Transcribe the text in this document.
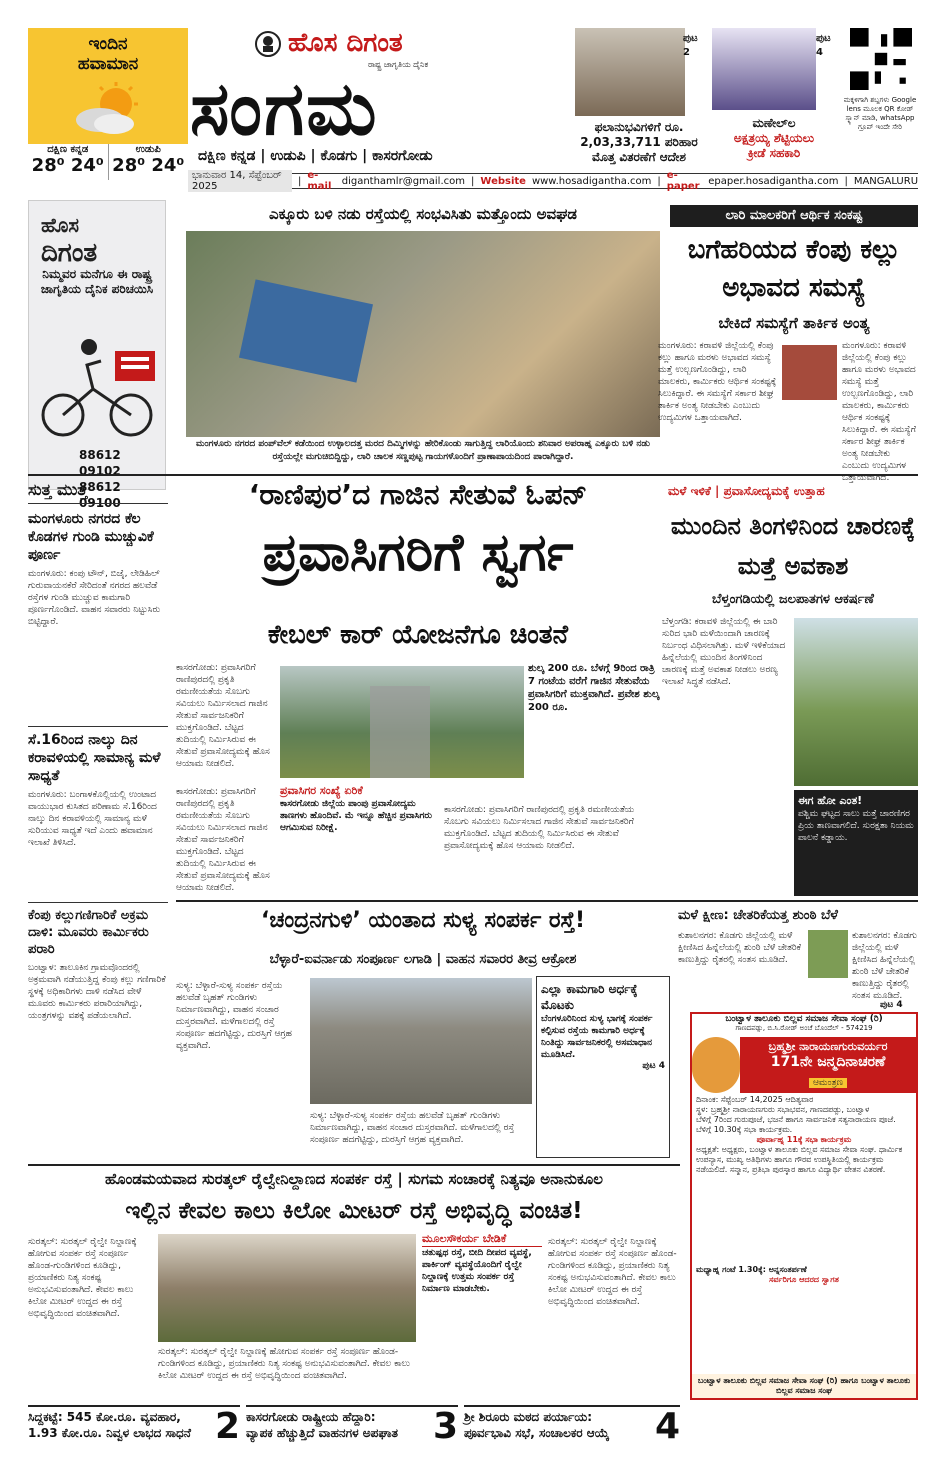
ಇಂದಿನ
ಹವಾಮಾನ
ದಕ್ಷಿಣ ಕನ್ನಡ
28⁰ 24⁰
ಉಡುಪಿ
28⁰ 24⁰
ಹೊಸ ದಿಗಂತ
ರಾಷ್ಟ್ರ ಜಾಗೃತಿಯ ದೈನಿಕ
ಸಂಗಮ
ದಕ್ಷಿಣ ಕನ್ನಡ | ಉಡುಪಿ | ಕೊಡಗು | ಕಾಸರಗೋಡು
ಪುಟ 2
ಫಲಾನುಭವಿಗಳಿಗೆ ರೂ.
2,03,33,711 ಪರಿಹಾರ
ಮೊತ್ತ ವಿತರಣೆಗೆ ಆದೇಶ
ಪುಟ 4
ಮಣೇಲ್‌ಲ
ಅಕ್ಷತ್ರಯ್ಯ ಶೆಟ್ಟಿಯಲು
ಕ್ರೀಡೆ ಸಹಕಾರಿ
ಮಕ್ಕಳಿಗಾಗಿ ಶಬ್ದಗಳು Google lens ಮೂಲಕ QR ಕೋಡ್ ಸ್ಕ್ಯಾನ್ ಮಾಡಿ, whatsApp ಗ್ರೂಪ್ ಇಂದೇ ಸೇರಿ
ಭಾನುವಾರ 14, ಸೆಪ್ಟೆಂಬರ್ 2025	| e-mail	diganthamlr@gmail.com | Website www.hosadigantha.com | e-paper epaper.hosadigantha.com | MANGALURU
ಹೊಸ
ದಿಗಂತ
ನಿಮ್ಮವರ ಮನೆಗೂ ಈ ರಾಷ್ಟ್ರ ಜಾಗೃತಿಯ ದೈನಿಕ ಪರಿಚಯಿಸಿ
88612 09102
88612 09100
ಎಕ್ಕೂರು ಬಳಿ ನಡು ರಸ್ತೆಯಲ್ಲಿ ಸಂಭವಿಸಿತು ಮತ್ತೊಂದು ಅವಘಡ
ಮಂಗಳೂರು ನಗರದ ಪಂಪ್‌ವೆಲ್ ಕಡೆಯಿಂದ ಉಳ್ಳಾಲದತ್ತ ಮರದ ದಿಮ್ಮಿಗಳನ್ನು ಹೇರಿಕೊಂಡು ಸಾಗುತ್ತಿದ್ದ ಲಾರಿಯೊಂದು ಶನಿವಾರ ಅಪರಾಹ್ನ ಎಕ್ಕೂರು ಬಳಿ ನಡು ರಸ್ತೆಯಲ್ಲೇ ಮಗುಚಿಬಿದ್ದಿದ್ದು, ಲಾರಿ ಚಾಲಕ ಸಣ್ಣಪುಟ್ಟ ಗಾಯಗಳೊಂದಿಗೆ ಪ್ರಾಣಾಪಾಯದಿಂದ ಪಾರಾಗಿದ್ದಾರೆ.
ಲಾರಿ ಮಾಲಕರಿಗೆ ಆರ್ಥಿಕ ಸಂಕಷ್ಟ
ಬಗೆಹರಿಯದ ಕೆಂಪು ಕಲ್ಲು ಅಭಾವದ ಸಮಸ್ಯೆ
ಬೇಕಿದೆ ಸಮಸ್ಯೆಗೆ ತಾರ್ಕಿಕ ಅಂತ್ಯ
ಮಂಗಳೂರು: ಕರಾವಳಿ ಜಿಲ್ಲೆಯಲ್ಲಿ ಕೆಂಪು ಕಲ್ಲು ಹಾಗೂ ಮರಳು ಅಭಾವದ ಸಮಸ್ಯೆ ಮತ್ತೆ ಉಲ್ಬಣಗೊಂಡಿದ್ದು, ಲಾರಿ ಮಾಲಕರು, ಕಾರ್ಮಿಕರು ಆರ್ಥಿಕ ಸಂಕಷ್ಟಕ್ಕೆ ಸಿಲುಕಿದ್ದಾರೆ. ಈ ಸಮಸ್ಯೆಗೆ ಸರ್ಕಾರ ಶೀಘ್ರ ತಾರ್ಕಿಕ ಅಂತ್ಯ ನೀಡಬೇಕು ಎಂಬುದು ಉದ್ಯಮಿಗಳ ಒತ್ತಾಯವಾಗಿದೆ.
ಮಂಗಳೂರು: ಕರಾವಳಿ ಜಿಲ್ಲೆಯಲ್ಲಿ ಕೆಂಪು ಕಲ್ಲು ಹಾಗೂ ಮರಳು ಅಭಾವದ ಸಮಸ್ಯೆ ಮತ್ತೆ ಉಲ್ಬಣಗೊಂಡಿದ್ದು, ಲಾರಿ ಮಾಲಕರು, ಕಾರ್ಮಿಕರು ಆರ್ಥಿಕ ಸಂಕಷ್ಟಕ್ಕೆ ಸಿಲುಕಿದ್ದಾರೆ. ಈ ಸಮಸ್ಯೆಗೆ ಸರ್ಕಾರ ಶೀಘ್ರ ತಾರ್ಕಿಕ ಅಂತ್ಯ ನೀಡಬೇಕು ಎಂಬುದು ಉದ್ಯಮಿಗಳ ಒತ್ತಾಯವಾಗಿದೆ.
ಸುತ್ತ ಮುತ್ತ
ಮಂಗಳೂರು ನಗರದ ಕೆಲ ಕೊಡಗಳ ಗುಂಡಿ ಮುಚ್ಚುವಿಕೆ ಪೂರ್ಣ
ಮಂಗಳೂರು: ಕಂಪು ಟೌನ್, ಬಿಜೈ, ಲೇಡಿಹಿಲ್ ಗುರುವಾಯನಕೆರೆ ಸೇರಿದಂತೆ ನಗರದ ಹಲವೆಡೆ ರಸ್ತೆಗಳ ಗುಂಡಿ ಮುಚ್ಚುವ ಕಾಮಗಾರಿ ಪೂರ್ಣಗೊಂಡಿದೆ. ವಾಹನ ಸವಾರರು ನಿಟ್ಟುಸಿರು ಬಿಟ್ಟಿದ್ದಾರೆ.
ಸೆ.16ರಿಂದ ನಾಲ್ಕು ದಿನ ಕರಾವಳಿಯಲ್ಲಿ ಸಾಮಾನ್ಯ ಮಳೆ ಸಾಧ್ಯತೆ
ಮಂಗಳೂರು: ಬಂಗಾಳಕೊಲ್ಲಿಯಲ್ಲಿ ಉಂಟಾದ ವಾಯುಭಾರ ಕುಸಿತದ ಪರಿಣಾಮ ಸೆ.16ರಿಂದ ನಾಲ್ಕು ದಿನ ಕರಾವಳಿಯಲ್ಲಿ ಸಾಮಾನ್ಯ ಮಳೆ ಸುರಿಯುವ ಸಾಧ್ಯತೆ ಇದೆ ಎಂದು ಹವಾಮಾನ ಇಲಾಖೆ ತಿಳಿಸಿದೆ.
ಕೆಂಪು ಕಲ್ಲುಗಣಿಗಾರಿಕೆ ಅಕ್ರಮ ದಾಳಿ: ಮೂವರು ಕಾರ್ಮಿಕರು ಪರಾರಿ
ಬಂಟ್ವಾಳ: ತಾಲೂಕಿನ ಗ್ರಾಮವೊಂದರಲ್ಲಿ ಅಕ್ರಮವಾಗಿ ನಡೆಯುತ್ತಿದ್ದ ಕೆಂಪು ಕಲ್ಲು ಗಣಿಗಾರಿಕೆ ಸ್ಥಳಕ್ಕೆ ಅಧಿಕಾರಿಗಳು ದಾಳಿ ನಡೆಸಿದ ವೇಳೆ ಮೂವರು ಕಾರ್ಮಿಕರು ಪರಾರಿಯಾಗಿದ್ದು, ಯಂತ್ರಗಳನ್ನು ವಶಕ್ಕೆ ಪಡೆಯಲಾಗಿದೆ.
‘ರಾಣಿಪುರ’ದ ಗಾಜಿನ ಸೇತುವೆ ಓಪನ್
ಪ್ರವಾಸಿಗರಿಗೆ ಸ್ವರ್ಗ
ಕೇಬಲ್ ಕಾರ್ ಯೋಜನೆಗೂ ಚಿಂತನೆ
ಕಾಸರಗೋಡು: ಪ್ರವಾಸಿಗರಿಗೆ ರಾಣಿಪುರದಲ್ಲಿ ಪ್ರಕೃತಿ ರಮಣೀಯತೆಯ ಸೊಬಗು ಸವಿಯಲು ನಿರ್ಮಿಸಲಾದ ಗಾಜಿನ ಸೇತುವೆ ಸಾರ್ವಜನಿಕರಿಗೆ ಮುಕ್ತಗೊಂಡಿದೆ. ಬೆಟ್ಟದ ತುದಿಯಲ್ಲಿ ನಿರ್ಮಿಸಿರುವ ಈ ಸೇತುವೆ ಪ್ರವಾಸೋದ್ಯಮಕ್ಕೆ ಹೊಸ ಆಯಾಮ ನೀಡಲಿದೆ.
ಶುಲ್ಕ 200 ರೂ. ಬೆಳಗ್ಗೆ 9ರಿಂದ ರಾತ್ರಿ 7 ಗಂಟೆಯ ವರೆಗೆ ಗಾಜಿನ ಸೇತುವೆಯ ಪ್ರವಾಸಿಗರಿಗೆ ಮುಕ್ತವಾಗಿದೆ. ಪ್ರವೇಶ ಶುಲ್ಕ 200 ರೂ.
ಕಾಸರಗೋಡು: ಪ್ರವಾಸಿಗರಿಗೆ ರಾಣಿಪುರದಲ್ಲಿ ಪ್ರಕೃತಿ ರಮಣೀಯತೆಯ ಸೊಬಗು ಸವಿಯಲು ನಿರ್ಮಿಸಲಾದ ಗಾಜಿನ ಸೇತುವೆ ಸಾರ್ವಜನಿಕರಿಗೆ ಮುಕ್ತಗೊಂಡಿದೆ. ಬೆಟ್ಟದ ತುದಿಯಲ್ಲಿ ನಿರ್ಮಿಸಿರುವ ಈ ಸೇತುವೆ ಪ್ರವಾಸೋದ್ಯಮಕ್ಕೆ ಹೊಸ ಆಯಾಮ ನೀಡಲಿದೆ.
ಪ್ರವಾಸಿಗರ ಸಂಖ್ಯೆ ಏರಿಕೆ
ಕಾಸರಗೋಡು ಜಿಲ್ಲೆಯ ಪಾಂಪು ಪ್ರವಾಸೋದ್ಯಮ ತಾಣಗಳು ಹೊಂದಿವೆ. ಮೆ ಇನ್ನೂ ಹೆಚ್ಚಿನ ಪ್ರವಾಸಿಗರು ಆಗಮಿಸುವ ನಿರೀಕ್ಷೆ.
ಕಾಸರಗೋಡು: ಪ್ರವಾಸಿಗರಿಗೆ ರಾಣಿಪುರದಲ್ಲಿ ಪ್ರಕೃತಿ ರಮಣೀಯತೆಯ ಸೊಬಗು ಸವಿಯಲು ನಿರ್ಮಿಸಲಾದ ಗಾಜಿನ ಸೇತುವೆ ಸಾರ್ವಜನಿಕರಿಗೆ ಮುಕ್ತಗೊಂಡಿದೆ. ಬೆಟ್ಟದ ತುದಿಯಲ್ಲಿ ನಿರ್ಮಿಸಿರುವ ಈ ಸೇತುವೆ ಪ್ರವಾಸೋದ್ಯಮಕ್ಕೆ ಹೊಸ ಆಯಾಮ ನೀಡಲಿದೆ.
ಮಳೆ ಇಳಿಕೆ | ಪ್ರವಾಸೋದ್ಯಮಕ್ಕೆ ಉತ್ತಾಹ
ಮುಂದಿನ ತಿಂಗಳಿನಿಂದ ಚಾರಣಕ್ಕೆ ಮತ್ತೆ ಅವಕಾಶ
ಬೆಳ್ತಂಗಡಿಯಲ್ಲಿ ಜಲಪಾತಗಳ ಆಕರ್ಷಣೆ
ಬೆಳ್ತಂಗಡಿ: ಕರಾವಳಿ ಜಿಲ್ಲೆಯಲ್ಲಿ ಈ ಬಾರಿ ಸುರಿದ ಭಾರಿ ಮಳೆಯಿಂದಾಗಿ ಚಾರಣಕ್ಕೆ ನಿರ್ಬಂಧ ವಿಧಿಸಲಾಗಿತ್ತು. ಮಳೆ ಇಳಿಕೆಯಾದ ಹಿನ್ನೆಲೆಯಲ್ಲಿ ಮುಂದಿನ ತಿಂಗಳಿನಿಂದ ಚಾರಣಕ್ಕೆ ಮತ್ತೆ ಅವಕಾಶ ನೀಡಲು ಅರಣ್ಯ ಇಲಾಖೆ ಸಿದ್ಧತೆ ನಡೆಸಿದೆ.
ಈಗ ಹೋ ಎಂತ!
ಪಶ್ಚಿಮ ಘಟ್ಟದ ಸಾಲು ಮತ್ತೆ ಚಾರಣಿಗರ ಪ್ರಿಯ ತಾಣವಾಗಲಿದೆ. ಸುರಕ್ಷತಾ ನಿಯಮ ಪಾಲನೆ ಕಡ್ಡಾಯ.
‘ಚಂದ್ರನಗುಳಿ’ ಯಂತಾದ ಸುಳ್ಯ ಸಂಪರ್ಕ ರಸ್ತೆ!
ಬೆಳ್ಳಾರೆ-ಐವರ್ನಾಡು ಸಂಪೂರ್ಣ ಲಗಾಡಿ | ವಾಹನ ಸವಾರರ ತೀವ್ರ ಆಕ್ರೋಶ
ಸುಳ್ಯ: ಬೆಳ್ಳಾರೆ-ಸುಳ್ಯ ಸಂಪರ್ಕ ರಸ್ತೆಯ ಹಲವೆಡೆ ಬೃಹತ್ ಗುಂಡಿಗಳು ನಿರ್ಮಾಣವಾಗಿದ್ದು, ವಾಹನ ಸಂಚಾರ ದುಸ್ತರವಾಗಿದೆ. ಮಳೆಗಾಲದಲ್ಲಿ ರಸ್ತೆ ಸಂಪೂರ್ಣ ಹದಗೆಟ್ಟಿದ್ದು, ದುರಸ್ತಿಗೆ ಆಗ್ರಹ ವ್ಯಕ್ತವಾಗಿದೆ.
ಸುಳ್ಯ: ಬೆಳ್ಳಾರೆ-ಸುಳ್ಯ ಸಂಪರ್ಕ ರಸ್ತೆಯ ಹಲವೆಡೆ ಬೃಹತ್ ಗುಂಡಿಗಳು ನಿರ್ಮಾಣವಾಗಿದ್ದು, ವಾಹನ ಸಂಚಾರ ದುಸ್ತರವಾಗಿದೆ. ಮಳೆಗಾಲದಲ್ಲಿ ರಸ್ತೆ ಸಂಪೂರ್ಣ ಹದಗೆಟ್ಟಿದ್ದು, ದುರಸ್ತಿಗೆ ಆಗ್ರಹ ವ್ಯಕ್ತವಾಗಿದೆ.
ಎಲ್ಲಾ ಕಾಮಗಾರಿ ಅರ್ಧಕ್ಕೆ ಮೊಟಕು
ಬೆಂಗಳೂರಿನಿಂದ ಸುಳ್ಯ ಭಾಗಕ್ಕೆ ಸಂಪರ್ಕ ಕಲ್ಪಿಸುವ ರಸ್ತೆಯ ಕಾಮಗಾರಿ ಅರ್ಧಕ್ಕೆ ನಿಂತಿದ್ದು ಸಾರ್ವಜನಿಕರಲ್ಲಿ ಅಸಮಾಧಾನ ಮೂಡಿಸಿದೆ.
ಪುಟ 4
ಮಳೆ ಕ್ಷೀಣ: ಚೇತರಿಕೆಯತ್ತ ಶುಂಠಿ ಬೆಳೆ
ಕುಶಾಲನಗರ: ಕೊಡಗು ಜಿಲ್ಲೆಯಲ್ಲಿ ಮಳೆ ಕ್ಷೀಣಿಸಿದ ಹಿನ್ನೆಲೆಯಲ್ಲಿ ಶುಂಠಿ ಬೆಳೆ ಚೇತರಿಕೆ ಕಾಣುತ್ತಿದ್ದು ರೈತರಲ್ಲಿ ಸಂತಸ ಮೂಡಿದೆ.
ಕುಶಾಲನಗರ: ಕೊಡಗು ಜಿಲ್ಲೆಯಲ್ಲಿ ಮಳೆ ಕ್ಷೀಣಿಸಿದ ಹಿನ್ನೆಲೆಯಲ್ಲಿ ಶುಂಠಿ ಬೆಳೆ ಚೇತರಿಕೆ ಕಾಣುತ್ತಿದ್ದು ರೈತರಲ್ಲಿ ಸಂತಸ ಮೂಡಿದೆ.
ಪುಟ 4
ಬಂಟ್ವಾಳ ತಾಲೂಕು ಬಿಲ್ಲವ ಸಮಾಜ ಸೇವಾ ಸಂಘ (ರಿ)
ಗಾಣದಪಡ್ಪು, ಬಿ.ಸಿ.ರೋಡ್ ಅಂಚೆ ಬೊಂದೆಲ್ - 574219
ಬ್ರಹ್ಮಶ್ರೀ ನಾರಾಯಣಗುರುವರ್ಯರ
171ನೇ ಜನ್ಮದಿನಾಚರಣೆ
ಆಮಂತ್ರಣ
ದಿನಾಂಕ: ಸೆಪ್ಟೆಂಬರ್ 14,2025 ಆದಿತ್ಯವಾರ
ಸ್ಥಳ: ಬ್ರಹ್ಮಶ್ರೀ ನಾರಾಯಣಗುರು ಸಭಾಭವನ, ಗಾಣದಪಡ್ಪು, ಬಂಟ್ವಾಳ
ಬೆಳಿಗ್ಗೆ 7ರಿಂದ ಗುರುಪೂಜೆ, ಭಜನೆ ಹಾಗೂ ಸಾರ್ವಜನಿಕ ಸತ್ಯನಾರಾಯಣ ಪೂಜೆ. ಬೆಳಿಗ್ಗೆ 10.30ಕ್ಕೆ ಸಭಾ ಕಾರ್ಯಕ್ರಮ.
ಪೂರ್ವಾಹ್ನ 11ಕ್ಕೆ ಸಭಾ ಕಾರ್ಯಕ್ರಮ
ಅಧ್ಯಕ್ಷತೆ: ಅಧ್ಯಕ್ಷರು, ಬಂಟ್ವಾಳ ತಾಲೂಕು ಬಿಲ್ಲವ ಸಮಾಜ ಸೇವಾ ಸಂಘ. ಧಾರ್ಮಿಕ ಉಪನ್ಯಾಸ, ಮುಖ್ಯ ಅತಿಥಿಗಳು ಹಾಗೂ ಗೌರವ ಉಪಸ್ಥಿತಿಯಲ್ಲಿ ಕಾರ್ಯಕ್ರಮ ನಡೆಯಲಿದೆ. ಸನ್ಮಾನ, ಪ್ರತಿಭಾ ಪುರಸ್ಕಾರ ಹಾಗೂ ವಿದ್ಯಾರ್ಥಿ ವೇತನ ವಿತರಣೆ.
ಮಧ್ಯಾಹ್ನ ಗಂಟೆ 1.30ಕ್ಕೆ: ಅನ್ನಸಂತರ್ಪಣೆ
ಸರ್ವರಿಗೂ ಆದರದ ಸ್ವಾಗತ
ಬಂಟ್ವಾಳ ತಾಲೂಕು ಬಿಲ್ಲವ ಸಮಾಜ ಸೇವಾ ಸಂಘ (ರಿ) ಹಾಗೂ ಬಂಟ್ವಾಳ ತಾಲೂಕು ಬಿಲ್ಲವ ಸಮಾಜ ಸಂಘ
ಹೊಂಡಮಯವಾದ ಸುರತ್ಕಲ್ ರೈಲ್ವೇನಿಲ್ದಾಣದ ಸಂಪರ್ಕ ರಸ್ತೆ | ಸುಗಮ ಸಂಚಾರಕ್ಕೆ ನಿತ್ಯವೂ ಅನಾನುಕೂಲ
ಇಲ್ಲಿನ ಕೇವಲ ಕಾಲು ಕಿಲೋ ಮೀಟರ್ ರಸ್ತೆ ಅಭಿವೃದ್ಧಿ ವಂಚಿತ!
ಸುರತ್ಕಲ್: ಸುರತ್ಕಲ್ ರೈಲ್ವೇ ನಿಲ್ದಾಣಕ್ಕೆ ಹೋಗುವ ಸಂಪರ್ಕ ರಸ್ತೆ ಸಂಪೂರ್ಣ ಹೊಂಡ-ಗುಂಡಿಗಳಿಂದ ಕೂಡಿದ್ದು, ಪ್ರಯಾಣಿಕರು ನಿತ್ಯ ಸಂಕಷ್ಟ ಅನುಭವಿಸುವಂತಾಗಿದೆ. ಕೇವಲ ಕಾಲು ಕಿಲೋ ಮೀಟರ್ ಉದ್ದದ ಈ ರಸ್ತೆ ಅಭಿವೃದ್ಧಿಯಿಂದ ವಂಚಿತವಾಗಿದೆ.
ಸುರತ್ಕಲ್: ಸುರತ್ಕಲ್ ರೈಲ್ವೇ ನಿಲ್ದಾಣಕ್ಕೆ ಹೋಗುವ ಸಂಪರ್ಕ ರಸ್ತೆ ಸಂಪೂರ್ಣ ಹೊಂಡ-ಗುಂಡಿಗಳಿಂದ ಕೂಡಿದ್ದು, ಪ್ರಯಾಣಿಕರು ನಿತ್ಯ ಸಂಕಷ್ಟ ಅನುಭವಿಸುವಂತಾಗಿದೆ. ಕೇವಲ ಕಾಲು ಕಿಲೋ ಮೀಟರ್ ಉದ್ದದ ಈ ರಸ್ತೆ ಅಭಿವೃದ್ಧಿಯಿಂದ ವಂಚಿತವಾಗಿದೆ.
ಮೂಲಸೌಕರ್ಯ ಬೇಡಿಕೆ
ಚತುಷ್ಪಥ ರಸ್ತೆ, ಬೀದಿ ದೀಪದ ವ್ಯವಸ್ಥೆ, ಪಾರ್ಕಿಂಗ್ ವ್ಯವಸ್ಥೆಯೊಂದಿಗೆ ರೈಲ್ವೇ ನಿಲ್ದಾಣಕ್ಕೆ ಉತ್ತಮ ಸಂಪರ್ಕ ರಸ್ತೆ ನಿರ್ಮಾಣ ಮಾಡಬೇಕು.
ಸುರತ್ಕಲ್: ಸುರತ್ಕಲ್ ರೈಲ್ವೇ ನಿಲ್ದಾಣಕ್ಕೆ ಹೋಗುವ ಸಂಪರ್ಕ ರಸ್ತೆ ಸಂಪೂರ್ಣ ಹೊಂಡ-ಗುಂಡಿಗಳಿಂದ ಕೂಡಿದ್ದು, ಪ್ರಯಾಣಿಕರು ನಿತ್ಯ ಸಂಕಷ್ಟ ಅನುಭವಿಸುವಂತಾಗಿದೆ. ಕೇವಲ ಕಾಲು ಕಿಲೋ ಮೀಟರ್ ಉದ್ದದ ಈ ರಸ್ತೆ ಅಭಿವೃದ್ಧಿಯಿಂದ ವಂಚಿತವಾಗಿದೆ.
ಸಿದ್ದಕಟ್ಟೆ: 545 ಕೋ.ರೂ. ವ್ಯವಹಾರ,
1.93 ಕೋ.ರೂ. ನಿವ್ವಳ ಲಾಭದ ಸಾಧನೆ 2 ಕಾಸರಗೋಡು ರಾಷ್ಟ್ರೀಯ ಹೆದ್ದಾರಿ:
ವ್ಯಾಪಕ ಹೆಚ್ಚುತ್ತಿದೆ ವಾಹನಗಳ ಅಪಘಾತ 3 ಶ್ರೀ ಶಿರೂರು ಮಠದ ಪರ್ಯಾಯ:
ಪೂರ್ವಭಾವಿ ಸಭೆ, ಸಂಚಾಲಕರ ಆಯ್ಕೆ	4
